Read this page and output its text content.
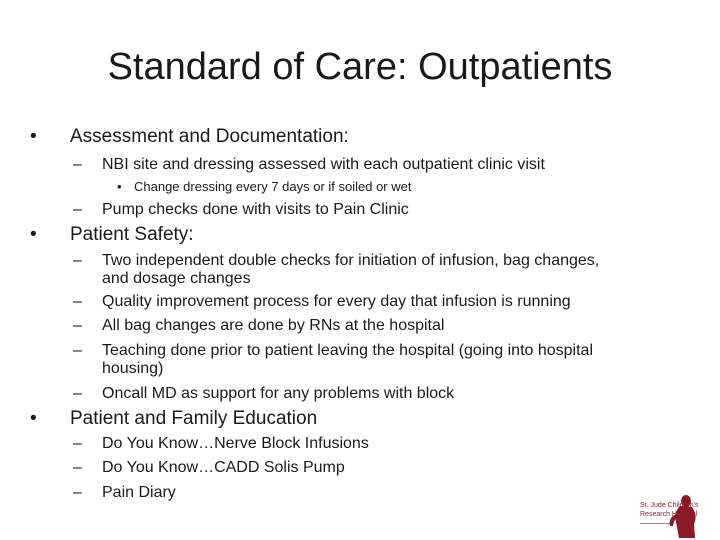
Standard of Care: Outpatients
• Assessment and Documentation:
– NBI site and dressing assessed with each outpatient clinic visit
• Change dressing every 7 days or if soiled or wet
– Pump checks done with visits to Pain Clinic
• Patient Safety:
– Two independent double checks for initiation of infusion, bag changes,
and dosage changes
– Quality improvement process for every day that infusion is running
– All bag changes are done by RNs at the hospital
– Teaching done prior to patient leaving the hospital (going into hospital
housing)
– Oncall MD as support for any problems with block
• Patient and Family Education
– Do You Know…Nerve Block Infusions
– Do You Know…CADD Solis Pump
– Pain Diary
St. Jude Children's
Research Hospital
